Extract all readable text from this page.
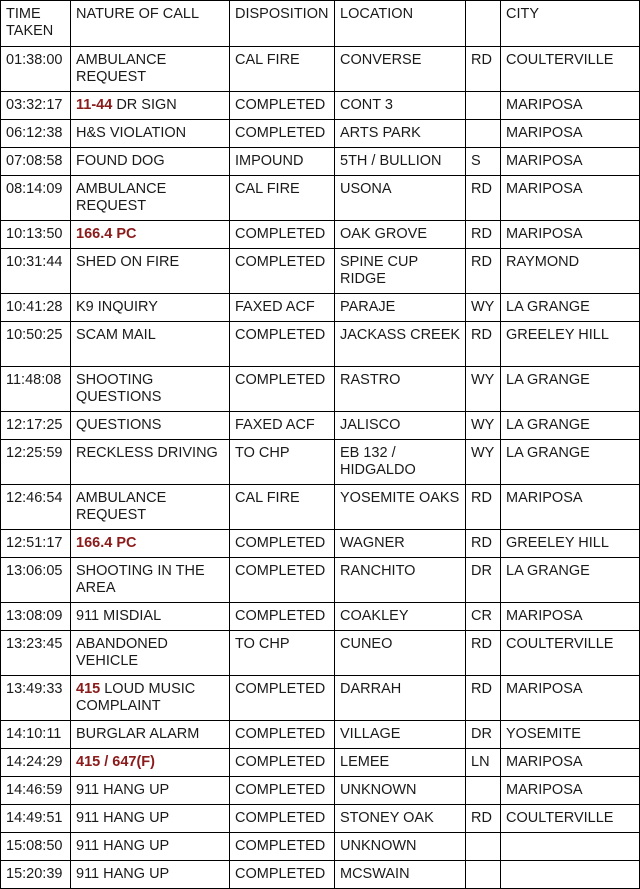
TIME TAKEN	NATURE OF CALL	DISPOSITION	LOCATION		CITY
01:38:00	AMBULANCE REQUEST	CAL FIRE	CONVERSE	RD	COULTERVILLE
03:32:17	11-44 DR SIGN	COMPLETED	CONT 3		MARIPOSA
06:12:38	H&S VIOLATION	COMPLETED	ARTS PARK		MARIPOSA
07:08:58	FOUND DOG	IMPOUND	5TH / BULLION	S	MARIPOSA
08:14:09	AMBULANCE REQUEST	CAL FIRE	USONA	RD	MARIPOSA
10:13:50	166.4 PC	COMPLETED	OAK GROVE	RD	MARIPOSA
10:31:44	SHED ON FIRE	COMPLETED	SPINE CUP RIDGE	RD	RAYMOND
10:41:28	K9 INQUIRY	FAXED ACF	PARAJE	WY	LA GRANGE
10:50:25	SCAM MAIL	COMPLETED	JACKASS CREEK	RD	GREELEY HILL
11:48:08	SHOOTING QUESTIONS	COMPLETED	RASTRO	WY	LA GRANGE
12:17:25	QUESTIONS	FAXED ACF	JALISCO	WY	LA GRANGE
12:25:59	RECKLESS DRIVING	TO CHP	EB 132 / HIDGALDO	WY	LA GRANGE
12:46:54	AMBULANCE REQUEST	CAL FIRE	YOSEMITE OAKS	RD	MARIPOSA
12:51:17	166.4 PC	COMPLETED	WAGNER	RD	GREELEY HILL
13:06:05	SHOOTING IN THE AREA	COMPLETED	RANCHITO	DR	LA GRANGE
13:08:09	911 MISDIAL	COMPLETED	COAKLEY	CR	MARIPOSA
13:23:45	ABANDONED VEHICLE	TO CHP	CUNEO	RD	COULTERVILLE
13:49:33	415 LOUD MUSIC COMPLAINT	COMPLETED	DARRAH	RD	MARIPOSA
14:10:11	BURGLAR ALARM	COMPLETED	VILLAGE	DR	YOSEMITE
14:24:29	415 / 647(F)	COMPLETED	LEMEE	LN	MARIPOSA
14:46:59	911 HANG UP	COMPLETED	UNKNOWN		MARIPOSA
14:49:51	911 HANG UP	COMPLETED	STONEY OAK	RD	COULTERVILLE
15:08:50	911 HANG UP	COMPLETED	UNKNOWN		
15:20:39	911 HANG UP	COMPLETED	MCSWAIN		
